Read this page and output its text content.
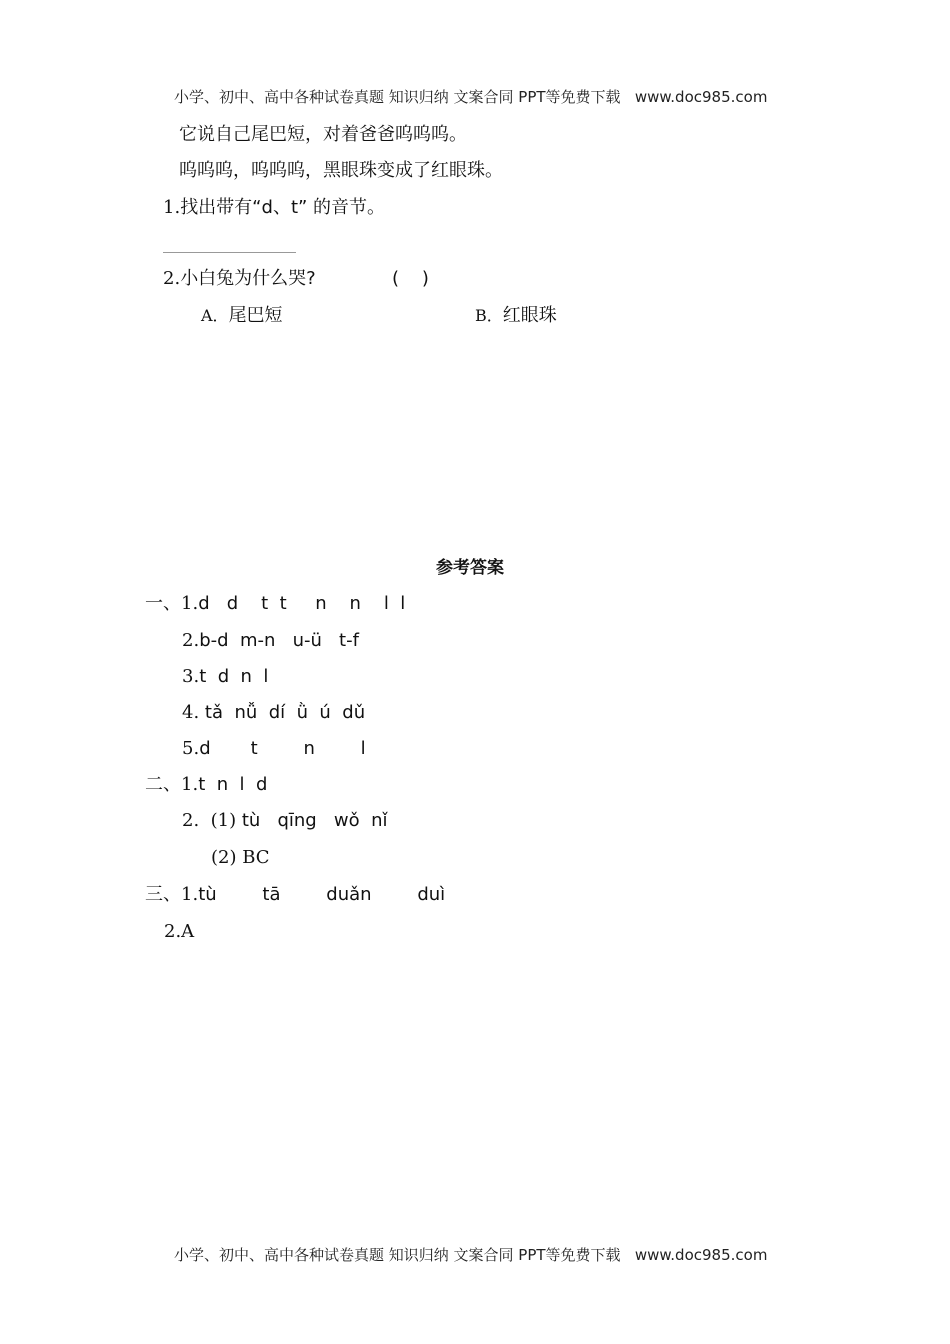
小学、初中、高中各种试卷真题 知识归纳 文案合同 PPT等免费下载   www.doc985.com
它说自己尾巴短，对着爸爸呜呜呜。
呜呜呜，呜呜呜，黑眼珠变成了红眼珠。
1.找出带有“d、t” 的音节。
2.小白兔为什么哭?	(    )
A．尾巴短	B．红眼珠
参考答案
一、1.d   d    t  t     n    n    l  l
2.b-d  m-n   u-ü   t-f
3.t  d  n  l
4. tǎ  nǚ  dí  ǜ  ú  dǔ
5.d       t        n        l
二、1.t  n  l  d
2.  (1) tù   qīng   wǒ  nǐ
(2) BC
三、1.tù        tā        duǎn        duì
2.A
小学、初中、高中各种试卷真题 知识归纳 文案合同 PPT等免费下载   www.doc985.com
